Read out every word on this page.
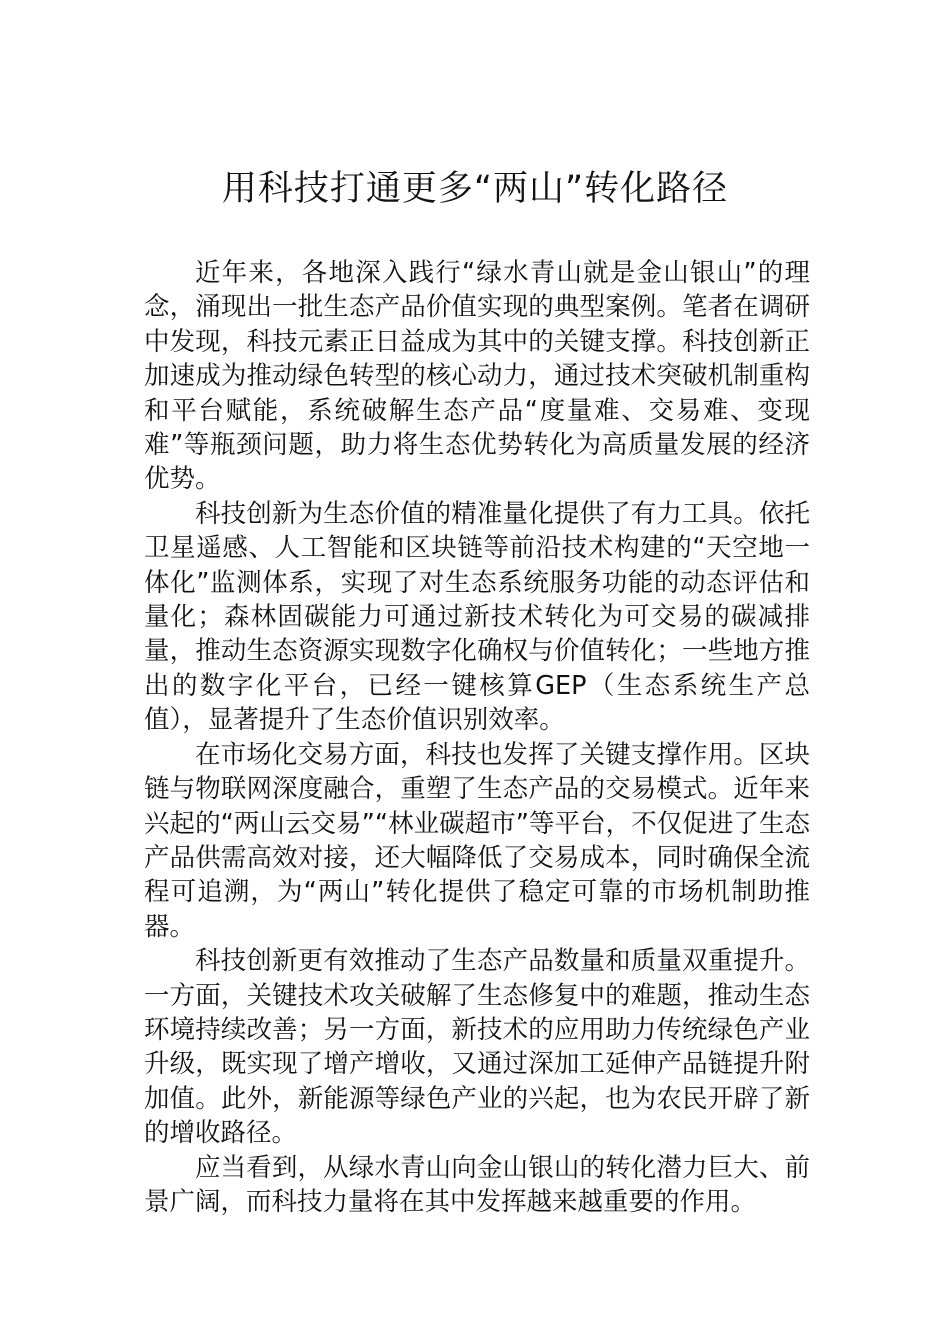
用科技打通更多“两山”转化路径

近年来，各地深入践行“绿水青山就是金山银山”的理念，涌现出一批生态产品价值实现的典型案例。笔者在调研中发现，科技元素正日益成为其中的关键支撑。科技创新正加速成为推动绿色转型的核心动力，通过技术突破机制重构和平台赋能，系统破解生态产品“度量难、交易难、变现难”等瓶颈问题，助力将生态优势转化为高质量发展的经济优势。

科技创新为生态价值的精准量化提供了有力工具。依托卫星遥感、人工智能和区块链等前沿技术构建的“天空地一体化”监测体系，实现了对生态系统服务功能的动态评估和量化；森林固碳能力可通过新技术转化为可交易的碳减排量，推动生态资源实现数字化确权与价值转化；一些地方推出的数字化平台，已经一键核算GEP（生态系统生产总值），显著提升了生态价值识别效率。

在市场化交易方面，科技也发挥了关键支撑作用。区块链与物联网深度融合，重塑了生态产品的交易模式。近年来兴起的“两山云交易”“林业碳超市”等平台，不仅促进了生态产品供需高效对接，还大幅降低了交易成本，同时确保全流程可追溯，为“两山”转化提供了稳定可靠的市场机制助推器。

科技创新更有效推动了生态产品数量和质量双重提升。一方面，关键技术攻关破解了生态修复中的难题，推动生态环境持续改善；另一方面，新技术的应用助力传统绿色产业升级，既实现了增产增收，又通过深加工延伸产品链提升附加值。此外，新能源等绿色产业的兴起，也为农民开辟了新的增收路径。

应当看到，从绿水青山向金山银山的转化潜力巨大、前景广阔，而科技力量将在其中发挥越来越重要的作用。
